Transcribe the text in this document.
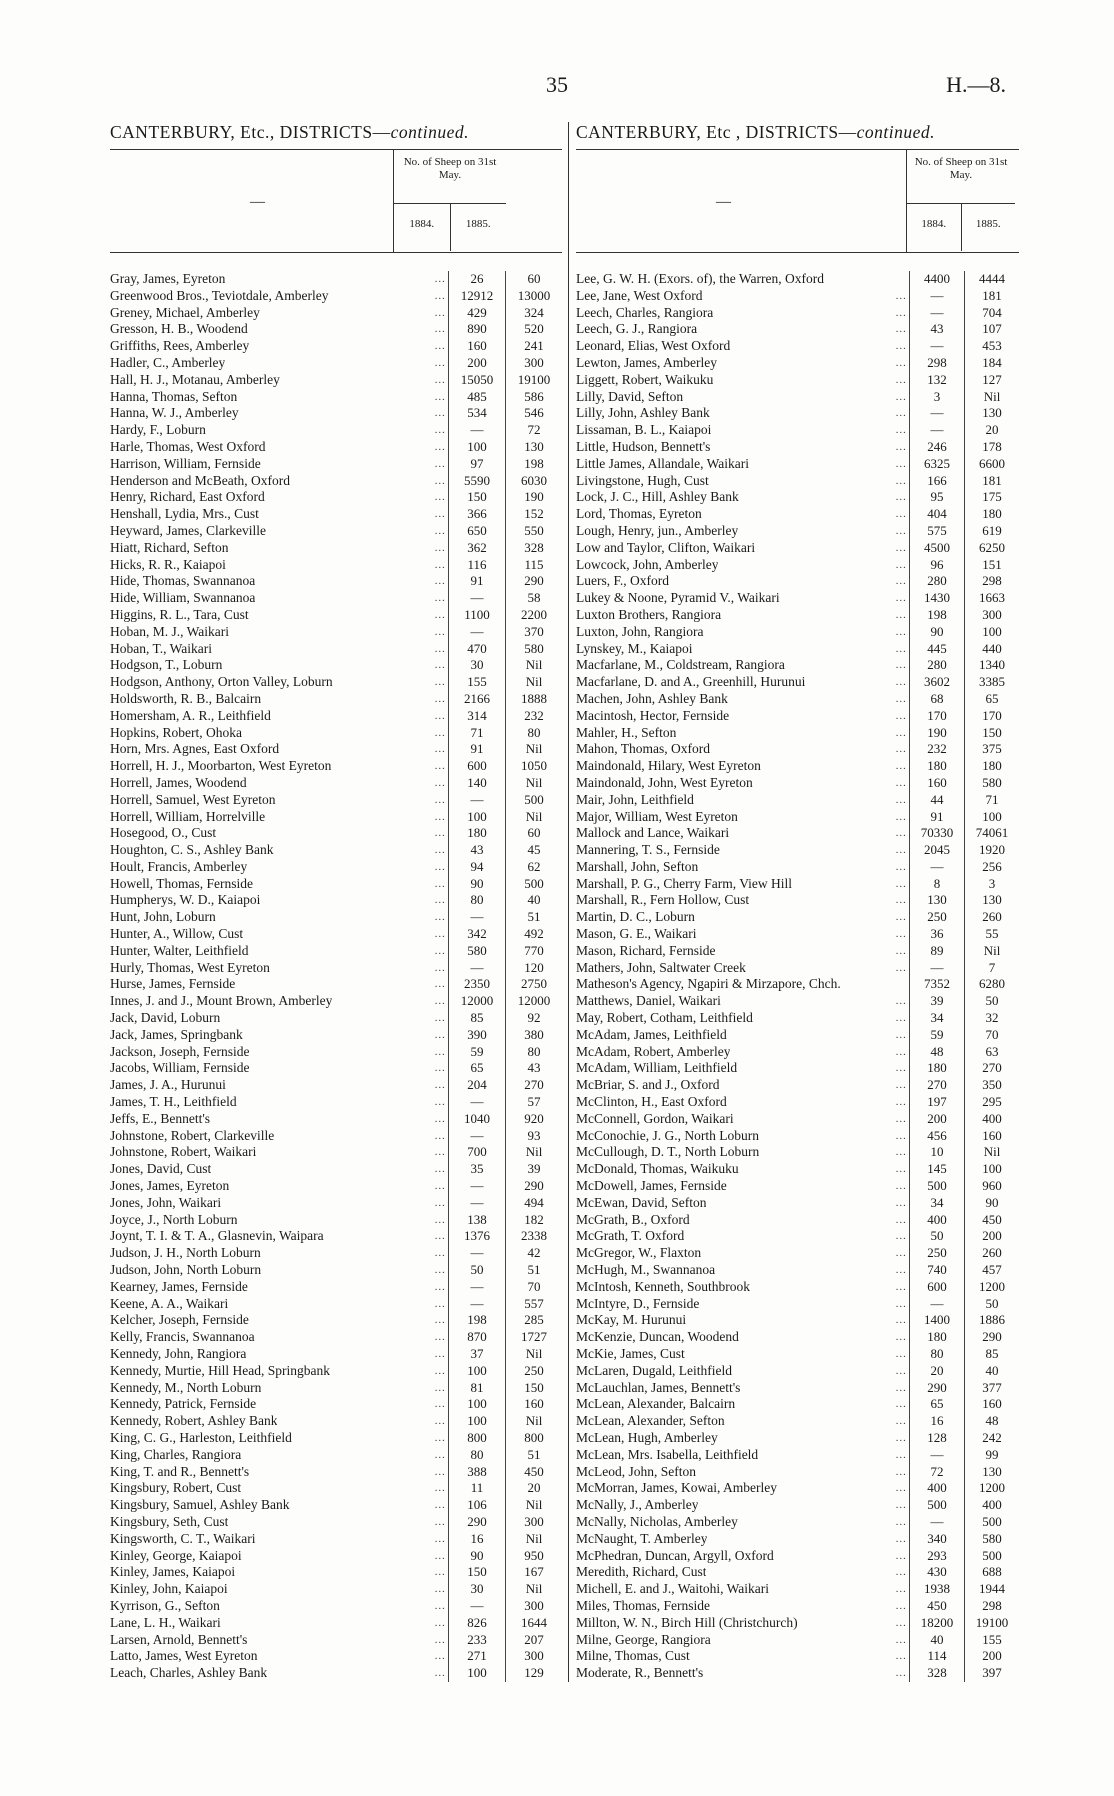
35	H.—8.
CANTERBURY, Etc., DISTRICTS—continued.
—
No. of Sheep on 31st May.
1884.	1885.
Gray, James, Eyreton	…	26	60
Greenwood Bros., Teviotdale, Amberley	… 12912	13000
Greney, Michael, Amberley	…	429	324
Gresson, H. B., Woodend	…	890	520
Griffiths, Rees, Amberley	…	160	241
Hadler, C., Amberley	…	200	300
Hall, H. J., Motanau, Amberley	… 15050	19100
Hanna, Thomas, Sefton	…	485	586
Hanna, W. J., Amberley	…	534	546
Hardy, F., Loburn	…	—	72
Harle, Thomas, West Oxford	…	100	130
Harrison, William, Fernside	…	97	198
Henderson and McBeath, Oxford	…	5590	6030
Henry, Richard, East Oxford	…	150	190
Henshall, Lydia, Mrs., Cust	…	366	152
Heyward, James, Clarkeville	…	650	550
Hiatt, Richard, Sefton	…	362	328
Hicks, R. R., Kaiapoi	…	116	115
Hide, Thomas, Swannanoa	…	91	290
Hide, William, Swannanoa	…	—	58
Higgins, R. L., Tara, Cust	…	1100	2200
Hoban, M. J., Waikari	…	—	370
Hoban, T., Waikari	…	470	580
Hodgson, T., Loburn	…	30	Nil
Hodgson, Anthony, Orton Valley, Loburn	…	155	Nil
Holdsworth, R. B., Balcairn	…	2166	1888
Homersham, A. R., Leithfield	…	314	232
Hopkins, Robert, Ohoka	…	71	80
Horn, Mrs. Agnes, East Oxford	…	91	Nil
Horrell, H. J., Moorbarton, West Eyreton	…	600	1050
Horrell, James, Woodend	…	140	Nil
Horrell, Samuel, West Eyreton	…	—	500
Horrell, William, Horrelville	…	100	Nil
Hosegood, O., Cust	…	180	60
Houghton, C. S., Ashley Bank	…	43	45
Hoult, Francis, Amberley	…	94	62
Howell, Thomas, Fernside	…	90	500
Humpherys, W. D., Kaiapoi	…	80	40
Hunt, John, Loburn	…	—	51
Hunter, A., Willow, Cust	…	342	492
Hunter, Walter, Leithfield	…	580	770
Hurly, Thomas, West Eyreton	…	—	120
Hurse, James, Fernside	…	2350	2750
Innes, J. and J., Mount Brown, Amberley	… 12000	12000
Jack, David, Loburn	…	85	92
Jack, James, Springbank	…	390	380
Jackson, Joseph, Fernside	…	59	80
Jacobs, William, Fernside	…	65	43
James, J. A., Hurunui	…	204	270
James, T. H., Leithfield	…	—	57
Jeffs, E., Bennett's	…	1040	920
Johnstone, Robert, Clarkeville	…	—	93
Johnstone, Robert, Waikari	…	700	Nil
Jones, David, Cust	…	35	39
Jones, James, Eyreton	…	—	290
Jones, John, Waikari	…	—	494
Joyce, J., North Loburn	…	138	182
Joynt, T. I. & T. A., Glasnevin, Waipara	…	1376	2338
Judson, J. H., North Loburn	…	—	42
Judson, John, North Loburn	…	50	51
Kearney, James, Fernside	…	—	70
Keene, A. A., Waikari	…	—	557
Kelcher, Joseph, Fernside	…	198	285
Kelly, Francis, Swannanoa	…	870	1727
Kennedy, John, Rangiora	…	37	Nil
Kennedy, Murtie, Hill Head, Springbank	…	100	250
Kennedy, M., North Loburn	…	81	150
Kennedy, Patrick, Fernside	…	100	160
Kennedy, Robert, Ashley Bank	…	100	Nil
King, C. G., Harleston, Leithfield	…	800	800
King, Charles, Rangiora	…	80	51
King, T. and R., Bennett's	…	388	450
Kingsbury, Robert, Cust	…	11	20
Kingsbury, Samuel, Ashley Bank	…	106	Nil
Kingsbury, Seth, Cust	…	290	300
Kingsworth, C. T., Waikari	…	16	Nil
Kinley, George, Kaiapoi	…	90	950
Kinley, James, Kaiapoi	…	150	167
Kinley, John, Kaiapoi	…	30	Nil
Kyrrison, G., Sefton	…	—	300
Lane, L. H., Waikari	…	826	1644
Larsen, Arnold, Bennett's	…	233	207
Latto, James, West Eyreton	…	271	300
Leach, Charles, Ashley Bank	…	100	129
CANTERBURY, Etc , DISTRICTS—continued.
—
No. of Sheep on 31st May.
1884.	1885.
Lee, G. W. H. (Exors. of), the Warren, Oxford	4400	4444
Lee, Jane, West Oxford	…	—	181
Leech, Charles, Rangiora	…	—	704
Leech, G. J., Rangiora	…	43	107
Leonard, Elias, West Oxford	…	—	453
Lewton, James, Amberley	…	298	184
Liggett, Robert, Waikuku	…	132	127
Lilly, David, Sefton	…	3	Nil
Lilly, John, Ashley Bank	…	—	130
Lissaman, B. L., Kaiapoi	…	—	20
Little, Hudson, Bennett's	…	246	178
Little James, Allandale, Waikari	…	6325	6600
Livingstone, Hugh, Cust	…	166	181
Lock, J. C., Hill, Ashley Bank	…	95	175
Lord, Thomas, Eyreton	…	404	180
Lough, Henry, jun., Amberley	…	575	619
Low and Taylor, Clifton, Waikari	…	4500	6250
Lowcock, John, Amberley	…	96	151
Luers, F., Oxford	…	280	298
Lukey & Noone, Pyramid V., Waikari	…	1430	1663
Luxton Brothers, Rangiora	…	198	300
Luxton, John, Rangiora	…	90	100
Lynskey, M., Kaiapoi	…	445	440
Macfarlane, M., Coldstream, Rangiora	…	280	1340
Macfarlane, D. and A., Greenhill, Hurunui	…	3602	3385
Machen, John, Ashley Bank	…	68	65
Macintosh, Hector, Fernside	…	170	170
Mahler, H., Sefton	…	190	150
Mahon, Thomas, Oxford	…	232	375
Maindonald, Hilary, West Eyreton	…	180	180
Maindonald, John, West Eyreton	…	160	580
Mair, John, Leithfield	…	44	71
Major, William, West Eyreton	…	91	100
Mallock and Lance, Waikari	… 70330	74061
Mannering, T. S., Fernside	…	2045	1920
Marshall, John, Sefton	…	—	256
Marshall, P. G., Cherry Farm, View Hill	…	8	3
Marshall, R., Fern Hollow, Cust	…	130	130
Martin, D. C., Loburn	…	250	260
Mason, G. E., Waikari	…	36	55
Mason, Richard, Fernside	…	89	Nil
Mathers, John, Saltwater Creek	…	—	7
Matheson's Agency, Ngapiri & Mirzapore, Chch.	7352	6280
Matthews, Daniel, Waikari	…	39	50
May, Robert, Cotham, Leithfield	…	34	32
McAdam, James, Leithfield	…	59	70
McAdam, Robert, Amberley	…	48	63
McAdam, William, Leithfield	…	180	270
McBriar, S. and J., Oxford	…	270	350
McClinton, H., East Oxford	…	197	295
McConnell, Gordon, Waikari	…	200	400
McConochie, J. G., North Loburn	…	456	160
McCullough, D. T., North Loburn	…	10	Nil
McDonald, Thomas, Waikuku	…	145	100
McDowell, James, Fernside	…	500	960
McEwan, David, Sefton	…	34	90
McGrath, B., Oxford	…	400	450
McGrath, T. Oxford	…	50	200
McGregor, W., Flaxton	…	250	260
McHugh, M., Swannanoa	…	740	457
McIntosh, Kenneth, Southbrook	…	600	1200
McIntyre, D., Fernside	…	—	50
McKay, M. Hurunui	…	1400	1886
McKenzie, Duncan, Woodend	…	180	290
McKie, James, Cust	…	80	85
McLaren, Dugald, Leithfield	…	20	40
McLauchlan, James, Bennett's	…	290	377
McLean, Alexander, Balcairn	…	65	160
McLean, Alexander, Sefton	…	16	48
McLean, Hugh, Amberley	…	128	242
McLean, Mrs. Isabella, Leithfield	…	—	99
McLeod, John, Sefton	…	72	130
McMorran, James, Kowai, Amberley	…	400	1200
McNally, J., Amberley	…	500	400
McNally, Nicholas, Amberley	…	—	500
McNaught, T. Amberley	…	340	580
McPhedran, Duncan, Argyll, Oxford	…	293	500
Meredith, Richard, Cust	…	430	688
Michell, E. and J., Waitohi, Waikari	…	1938	1944
Miles, Thomas, Fernside	…	450	298
Millton, W. N., Birch Hill (Christchurch)	… 18200	19100
Milne, George, Rangiora	…	40	155
Milne, Thomas, Cust	…	114	200
Moderate, R., Bennett's	…	328	397
